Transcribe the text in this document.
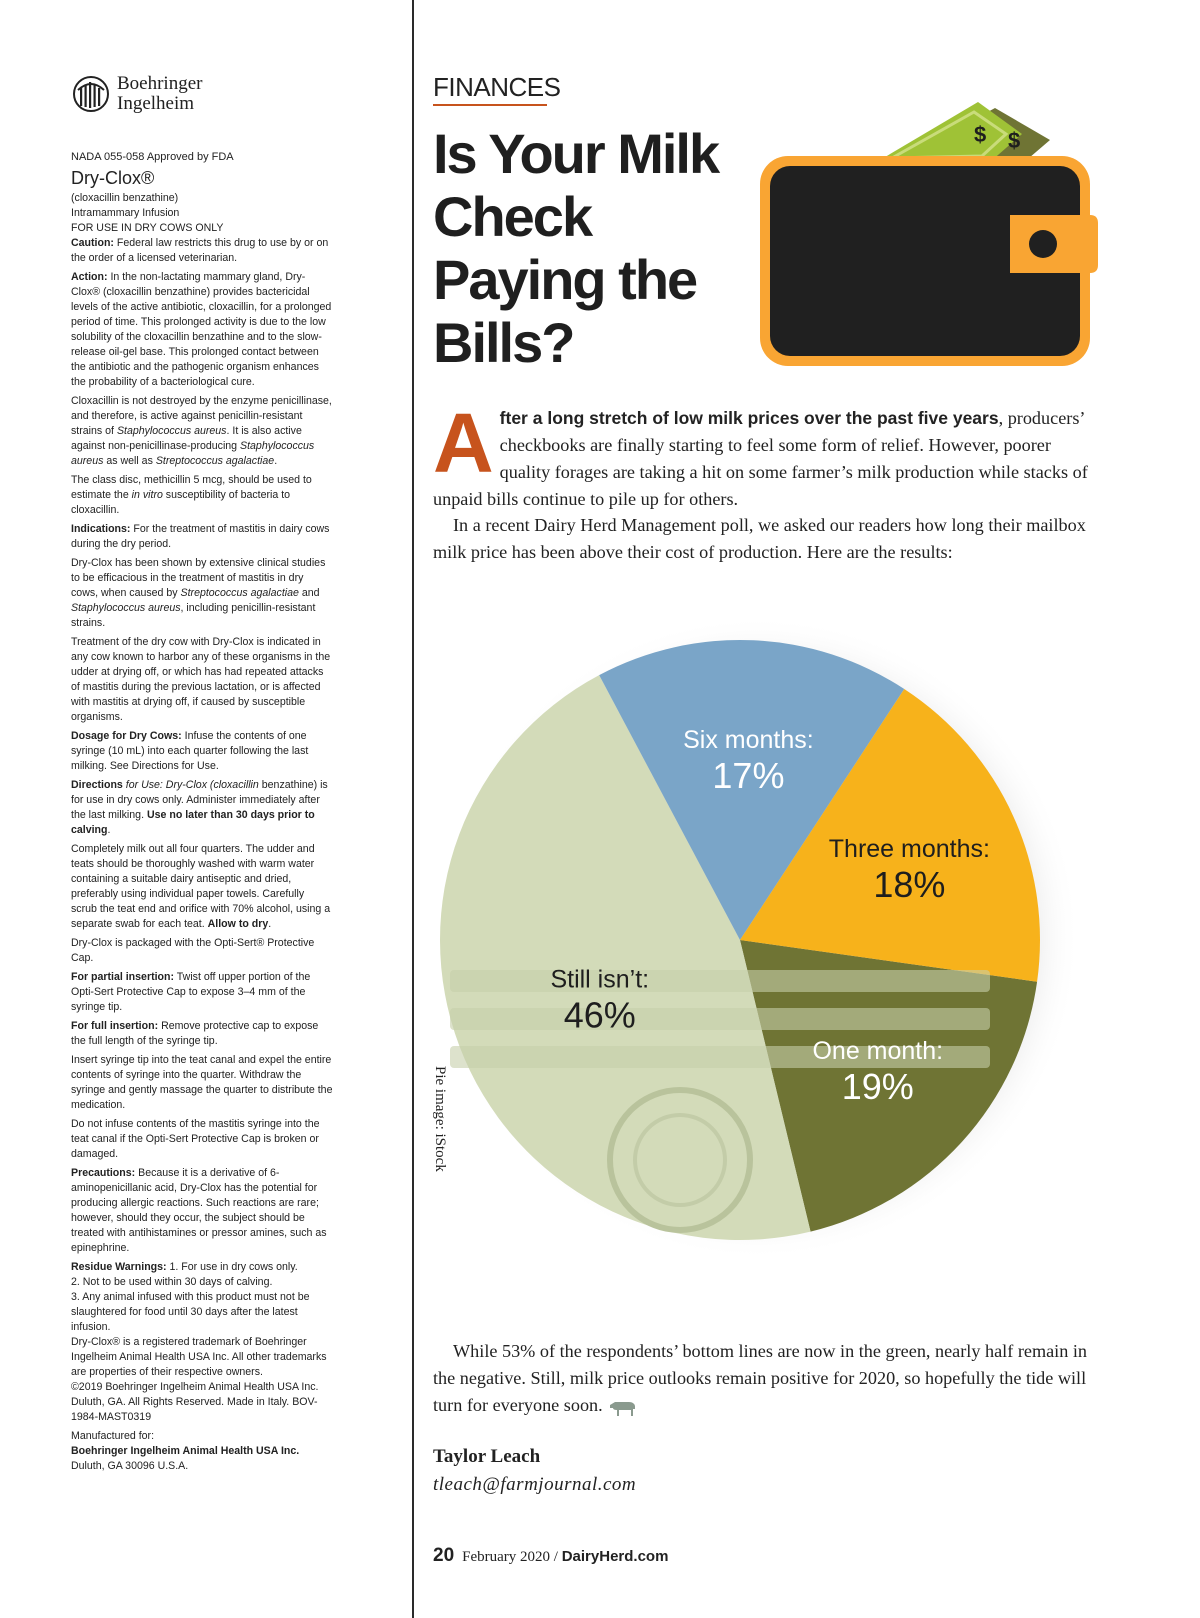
Boehringer
Ingelheim
NADA 055-058 Approved by FDA
Dry-Clox®
(cloxacillin benzathine)
Intramammary Infusion
FOR USE IN DRY COWS ONLY

Caution: Federal law restricts this drug to use by or on the order of a licensed veterinarian.

Action: In the non-lactating mammary gland, Dry-Clox® (cloxacillin benzathine) provides bactericidal levels of the active antibiotic, cloxacillin, for a prolonged period of time. This prolonged activity is due to the low solubility of the cloxacillin benzathine and to the slow-release oil-gel base. This prolonged contact between the antibiotic and the pathogenic organism enhances the probability of a bacteriological cure.

Cloxacillin is not destroyed by the enzyme penicillinase, and therefore, is active against penicillin-resistant strains of Staphylococcus aureus. It is also active against non-penicillinase-producing Staphylococcus aureus as well as Streptococcus agalactiae.

The class disc, methicillin 5 mcg, should be used to estimate the in vitro susceptibility of bacteria to cloxacillin.

Indications: For the treatment of mastitis in dairy cows during the dry period.

Dry-Clox has been shown by extensive clinical studies to be efficacious in the treatment of mastitis in dry cows, when caused by Streptococcus agalactiae and Staphylococcus aureus, including penicillin-resistant strains.

Treatment of the dry cow with Dry-Clox is indicated in any cow known to harbor any of these organisms in the udder at drying off, or which has had repeated attacks of mastitis during the previous lactation, or is affected with mastitis at drying off, if caused by susceptible organisms.

Dosage for Dry Cows: Infuse the contents of one syringe (10 mL) into each quarter following the last milking. See Directions for Use.

Directions for Use: Dry-Clox (cloxacillin benzathine) is for use in dry cows only. Administer immediately after the last milking. Use no later than 30 days prior to calving.

Completely milk out all four quarters. The udder and teats should be thoroughly washed with warm water containing a suitable dairy antiseptic and dried, preferably using individual paper towels. Carefully scrub the teat end and orifice with 70% alcohol, using a separate swab for each teat. Allow to dry.

Dry-Clox is packaged with the Opti-Sert® Protective Cap.

For partial insertion: Twist off upper portion of the Opti-Sert Protective Cap to expose 3–4 mm of the syringe tip.

For full insertion: Remove protective cap to expose the full length of the syringe tip.

Insert syringe tip into the teat canal and expel the entire contents of syringe into the quarter. Withdraw the syringe and gently massage the quarter to distribute the medication.

Do not infuse contents of the mastitis syringe into the teat canal if the Opti-Sert Protective Cap is broken or damaged.

Precautions: Because it is a derivative of 6-aminopenicillanic acid, Dry-Clox has the potential for producing allergic reactions. Such reactions are rare; however, should they occur, the subject should be treated with antihistamines or pressor amines, such as epinephrine.

Residue Warnings: 1. For use in dry cows only.

2. Not to be used within 30 days of calving.

3. Any animal infused with this product must not be slaughtered for food until 30 days after the latest infusion.

Dry-Clox® is a registered trademark of Boehringer Ingelheim Animal Health USA Inc. All other trademarks are properties of their respective owners.

©2019 Boehringer Ingelheim Animal Health USA Inc. Duluth, GA. All Rights Reserved. Made in Italy. BOV-1984-MAST0319

Manufactured for:
Boehringer Ingelheim Animal Health USA Inc.
Duluth, GA 30096 U.S.A.
FINANCES
Is Your Milk Check Paying the Bills?
$ $

After a long stretch of low milk prices over the past five years, producers’ checkbooks are finally starting to feel some form of relief. However, poorer quality forages are taking a hit on some farmer’s milk production while stacks of unpaid bills continue to pile up for others.

In a recent Dairy Herd Management poll, we asked our readers how long their mailbox milk price has been above their cost of production. Here are the results:

One month:
19%
Still isn’t:
46%
Six months:
17%
Three months:
18%
Pie image: iStock

While 53% of the respondents’ bottom lines are now in the green, nearly half remain in the negative. Still, milk price outlooks remain positive for 2020, so hopefully the tide will turn for everyone soon.

Taylor Leach
tleach@farmjournal.com
20 February 2020 / DairyHerd.com
